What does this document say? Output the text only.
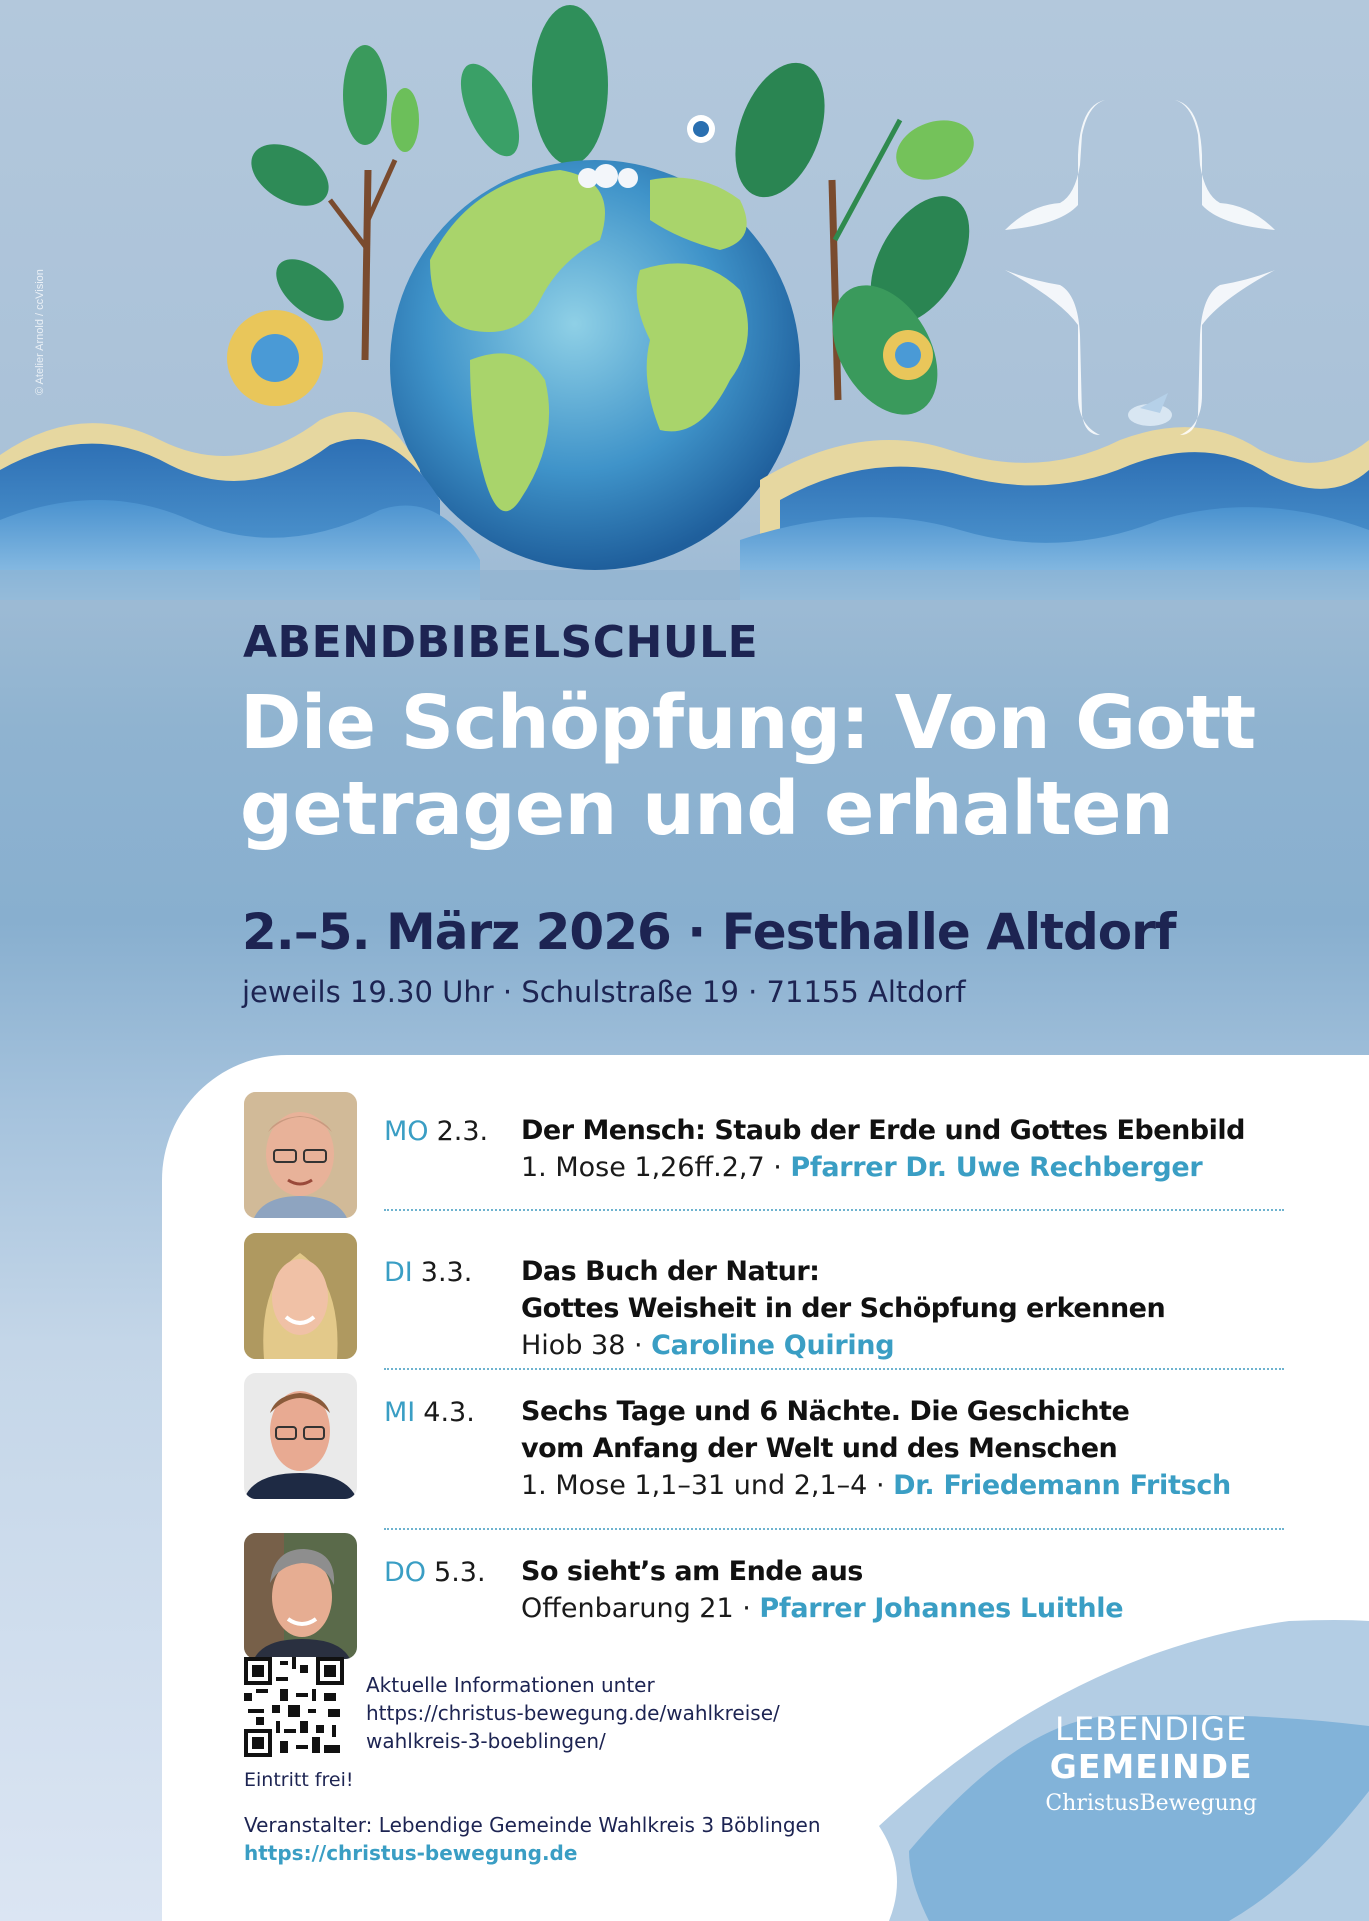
© Atelier Arnold / ccVision
ABENDBIBELSCHULE
Die Schöpfung: Von Gott
getragen und erhalten
2.–5. März 2026 · Festhalle Altdorf
jeweils 19.30 Uhr · Schulstraße 19 · 71155 Altdorf
MO 2.3. Der Mensch: Staub der Erde und Gottes Ebenbild
1. Mose 1,26ff.2,7 · Pfarrer Dr. Uwe Rechberger
DI 3.3. Das Buch der Natur:
Gottes Weisheit in der Schöpfung erkennen
Hiob 38 · Caroline Quiring
MI 4.3. Sechs Tage und 6 Nächte. Die Geschichte
vom Anfang der Welt und des Menschen
1. Mose 1,1–31 und 2,1–4 · Dr. Friedemann Fritsch
DO 5.3. So sieht’s am Ende aus
Offenbarung 21 · Pfarrer Johannes Luithle
Aktuelle Informationen unter
https://christus-bewegung.de/wahlkreise/
wahlkreis-3-boeblingen/
Eintritt frei!
Veranstalter: Lebendige Gemeinde Wahlkreis 3 Böblingen
https://christus-bewegung.de
LEBENDIGE
GEMEINDE
ChristusBewegung
